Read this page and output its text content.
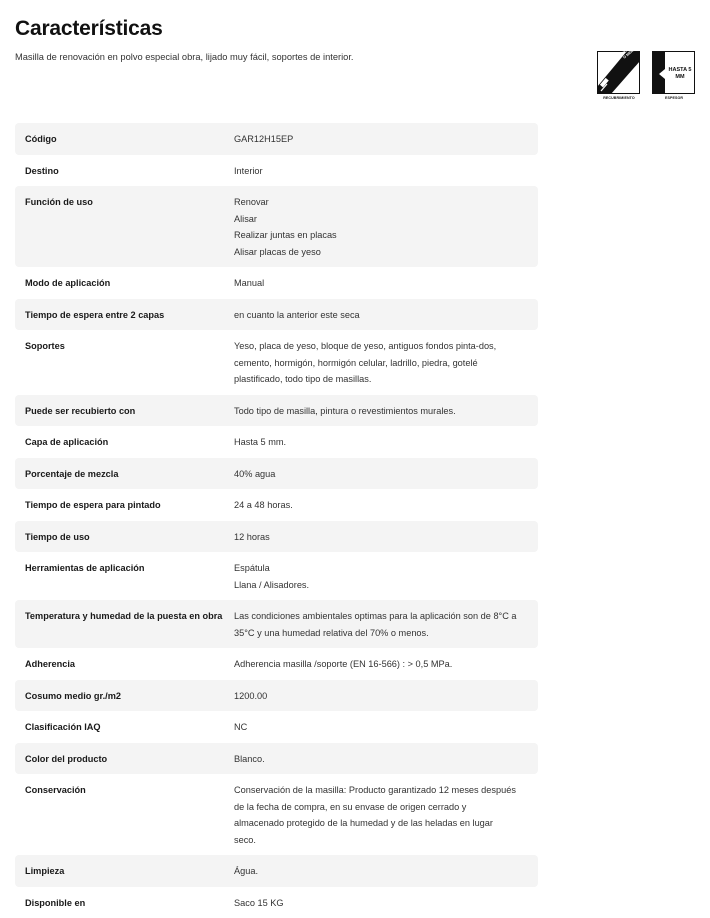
Características
Masilla de renovación en polvo especial obra, lijado muy fácil, soportes de interior.	PINTA EN 2H O MENOS
RECUBRIMIENTO
HASTA 5 MM
ESPESOR
Código	GAR12H15EP
Destino	Interior
Función de uso	Renovar
Alisar
Realizar juntas en placas
Alisar placas de yeso
Modo de aplicación	Manual
Tiempo de espera entre 2 capas	en cuanto la anterior este seca
Soportes	Yeso, placa de yeso, bloque de yeso, antiguos fondos pinta-dos,
cemento, hormigón, hormigón celular, ladrillo, piedra, gotelé
plastificado, todo tipo de masillas.
Puede ser recubierto con	Todo tipo de masilla, pintura o revestimientos murales.
Capa de aplicación	Hasta 5 mm.
Porcentaje de mezcla	40% agua
Tiempo de espera para pintado	24 a 48 horas.
Tiempo de uso	12 horas
Herramientas de aplicación	Espátula
Llana / Alisadores.
Temperatura y humedad de la puesta en obra	Las condiciones ambientales optimas para la aplicación son de 8°C a
35°C y una humedad relativa del 70% o menos.
Adherencia	Adherencia masilla /soporte (EN 16-566) : > 0,5 MPa.
Cosumo medio gr./m2	1200.00
Clasificación IAQ	NC
Color del producto	Blanco.
Conservación	Conservación de la masilla: Producto garantizado 12 meses después
de la fecha de compra, en su envase de origen cerrado y
almacenado protegido de la humedad y de las heladas en lugar
seco.
Limpieza	Água.
Disponible en	Saco 15 KG
